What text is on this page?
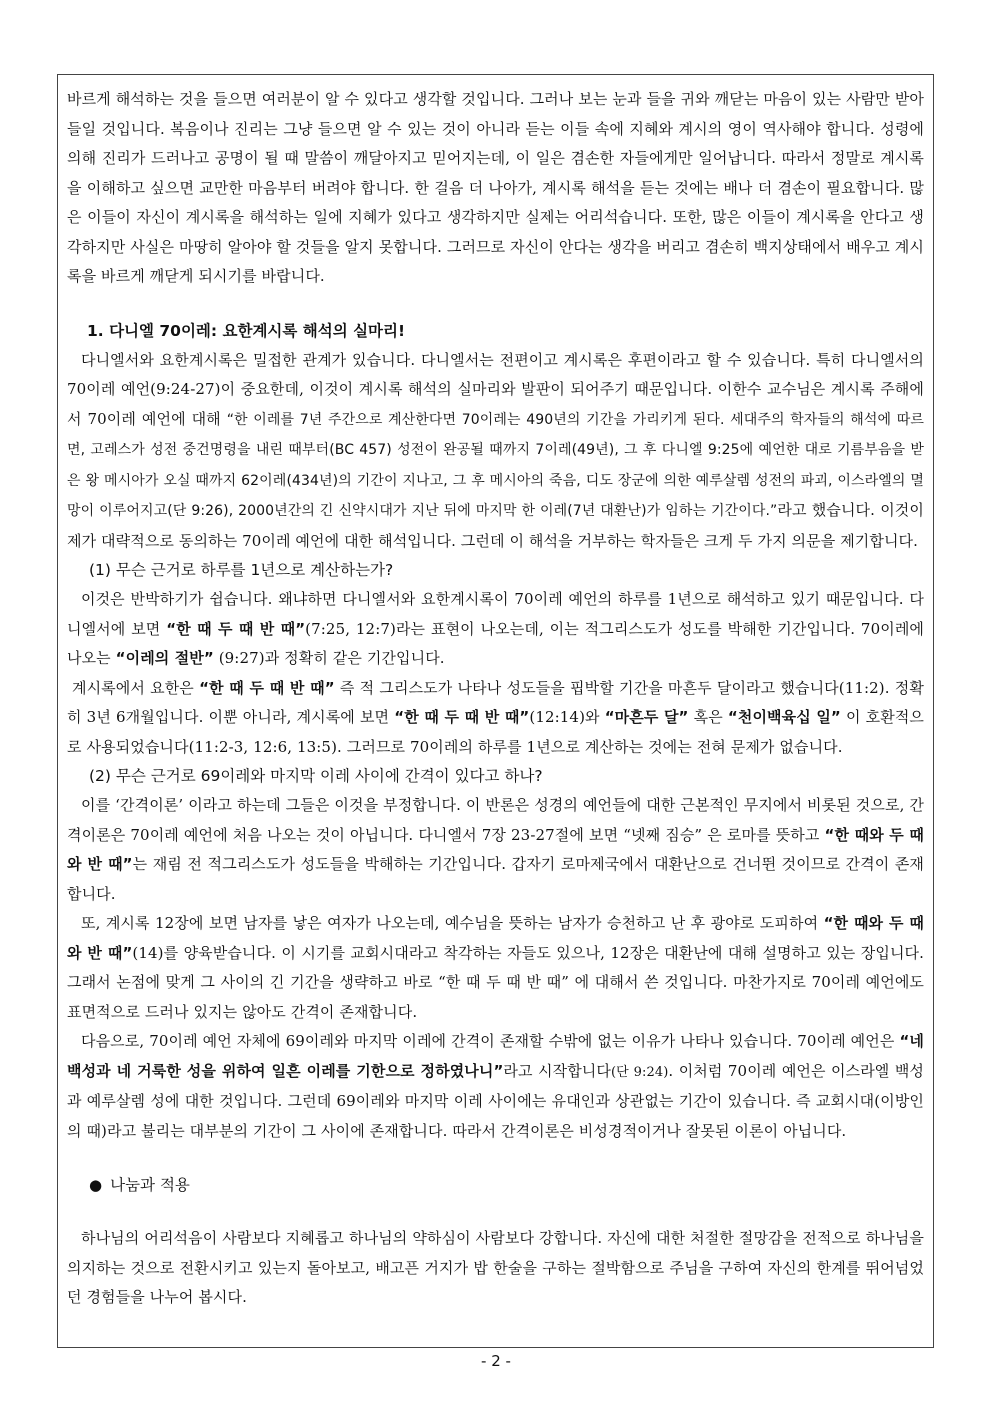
바르게 해석하는 것을 들으면 여러분이 알 수 있다고 생각할 것입니다. 그러나 보는 눈과 들을 귀와 깨닫는 마음이 있는 사람만 받아들일 것입니다. 복음이나 진리는 그냥 들으면 알 수 있는 것이 아니라 듣는 이들 속에 지혜와 계시의 영이 역사해야 합니다. 성령에 의해 진리가 드러나고 공명이 될 때 말씀이 깨달아지고 믿어지는데, 이 일은 겸손한 자들에게만 일어납니다. 따라서 정말로 계시록을 이해하고 싶으면 교만한 마음부터 버려야 합니다. 한 걸음 더 나아가, 계시록 해석을 듣는 것에는 배나 더 겸손이 필요합니다. 많은 이들이 자신이 계시록을 해석하는 일에 지혜가 있다고 생각하지만 실제는 어리석습니다. 또한, 많은 이들이 계시록을 안다고 생각하지만 사실은 마땅히 알아야 할 것들을 알지 못합니다. 그러므로 자신이 안다는 생각을 버리고 겸손히 백지상태에서 배우고 계시록을 바르게 깨닫게 되시기를 바랍니다.

1. 다니엘 70이레: 요한계시록 해석의 실마리!

다니엘서와 요한계시록은 밀접한 관계가 있습니다. 다니엘서는 전편이고 계시록은 후편이라고 할 수 있습니다. 특히 다니엘서의 70이레 예언(9:24-27)이 중요한데, 이것이 계시록 해석의 실마리와 발판이 되어주기 때문입니다. 이한수 교수님은 계시록 주해에서 70이레 예언에 대해 “한 이레를 7년 주간으로 계산한다면 70이레는 490년의 기간을 가리키게 된다. 세대주의 학자들의 해석에 따르면, 고레스가 성전 중건명령을 내린 때부터(BC 457) 성전이 완공될 때까지 7이레(49년), 그 후 다니엘 9:25에 예언한 대로 기름부음을 받은 왕 메시아가 오실 때까지 62이레(434년)의 기간이 지나고, 그 후 메시아의 죽음, 디도 장군에 의한 예루살렘 성전의 파괴, 이스라엘의 멸망이 이루어지고(단 9:26), 2000년간의 긴 신약시대가 지난 뒤에 마지막 한 이레(7년 대환난)가 임하는 기간이다.”라고 했습니다. 이것이 제가 대략적으로 동의하는 70이레 예언에 대한 해석입니다. 그런데 이 해석을 거부하는 학자들은 크게 두 가지 의문을 제기합니다.

(1) 무슨 근거로 하루를 1년으로 계산하는가?

이것은 반박하기가 쉽습니다. 왜냐하면 다니엘서와 요한계시록이 70이레 예언의 하루를 1년으로 해석하고 있기 때문입니다. 다니엘서에 보면 “한 때 두 때 반 때”(7:25, 12:7)라는 표현이 나오는데, 이는 적그리스도가 성도를 박해한 기간입니다. 70이레에 나오는 “이레의 절반” (9:27)과 정확히 같은 기간입니다.

계시록에서 요한은 “한 때 두 때 반 때” 즉 적 그리스도가 나타나 성도들을 핍박할 기간을 마흔두 달이라고 했습니다(11:2). 정확히 3년 6개월입니다. 이뿐 아니라, 계시록에 보면 “한 때 두 때 반 때”(12:14)와 “마흔두 달” 혹은 “천이백육십 일” 이 호환적으로 사용되었습니다(11:2-3, 12:6, 13:5). 그러므로 70이레의 하루를 1년으로 계산하는 것에는 전혀 문제가 없습니다.

(2) 무슨 근거로 69이레와 마지막 이레 사이에 간격이 있다고 하나?

이를 ‘간격이론’ 이라고 하는데 그들은 이것을 부정합니다. 이 반론은 성경의 예언들에 대한 근본적인 무지에서 비롯된 것으로, 간격이론은 70이레 예언에 처음 나오는 것이 아닙니다. 다니엘서 7장 23-27절에 보면 “넷째 짐승” 은 로마를 뜻하고 “한 때와 두 때와 반 때”는 재림 전 적그리스도가 성도들을 박해하는 기간입니다. 갑자기 로마제국에서 대환난으로 건너뛴 것이므로 간격이 존재합니다.

또, 계시록 12장에 보면 남자를 낳은 여자가 나오는데, 예수님을 뜻하는 남자가 승천하고 난 후 광야로 도피하여 “한 때와 두 때와 반 때”(14)를 양육받습니다. 이 시기를 교회시대라고 착각하는 자들도 있으나, 12장은 대환난에 대해 설명하고 있는 장입니다. 그래서 논점에 맞게 그 사이의 긴 기간을 생략하고 바로 “한 때 두 때 반 때” 에 대해서 쓴 것입니다. 마찬가지로 70이레 예언에도 표면적으로 드러나 있지는 않아도 간격이 존재합니다.

다음으로, 70이레 예언 자체에 69이레와 마지막 이레에 간격이 존재할 수밖에 없는 이유가 나타나 있습니다. 70이레 예언은 “네 백성과 네 거룩한 성을 위하여 일흔 이레를 기한으로 정하였나니”라고 시작합니다(단 9:24). 이처럼 70이레 예언은 이스라엘 백성과 예루살렘 성에 대한 것입니다. 그런데 69이레와 마지막 이레 사이에는 유대인과 상관없는 기간이 있습니다. 즉 교회시대(이방인의 때)라고 불리는 대부분의 기간이 그 사이에 존재합니다. 따라서 간격이론은 비성경적이거나 잘못된 이론이 아닙니다.

● 나눔과 적용

하나님의 어리석음이 사람보다 지혜롭고 하나님의 약하심이 사람보다 강합니다. 자신에 대한 처절한 절망감을 전적으로 하나님을 의지하는 것으로 전환시키고 있는지 돌아보고, 배고픈 거지가 밥 한술을 구하는 절박함으로 주님을 구하여 자신의 한계를 뛰어넘었던 경험들을 나누어 봅시다.

- 2 -
